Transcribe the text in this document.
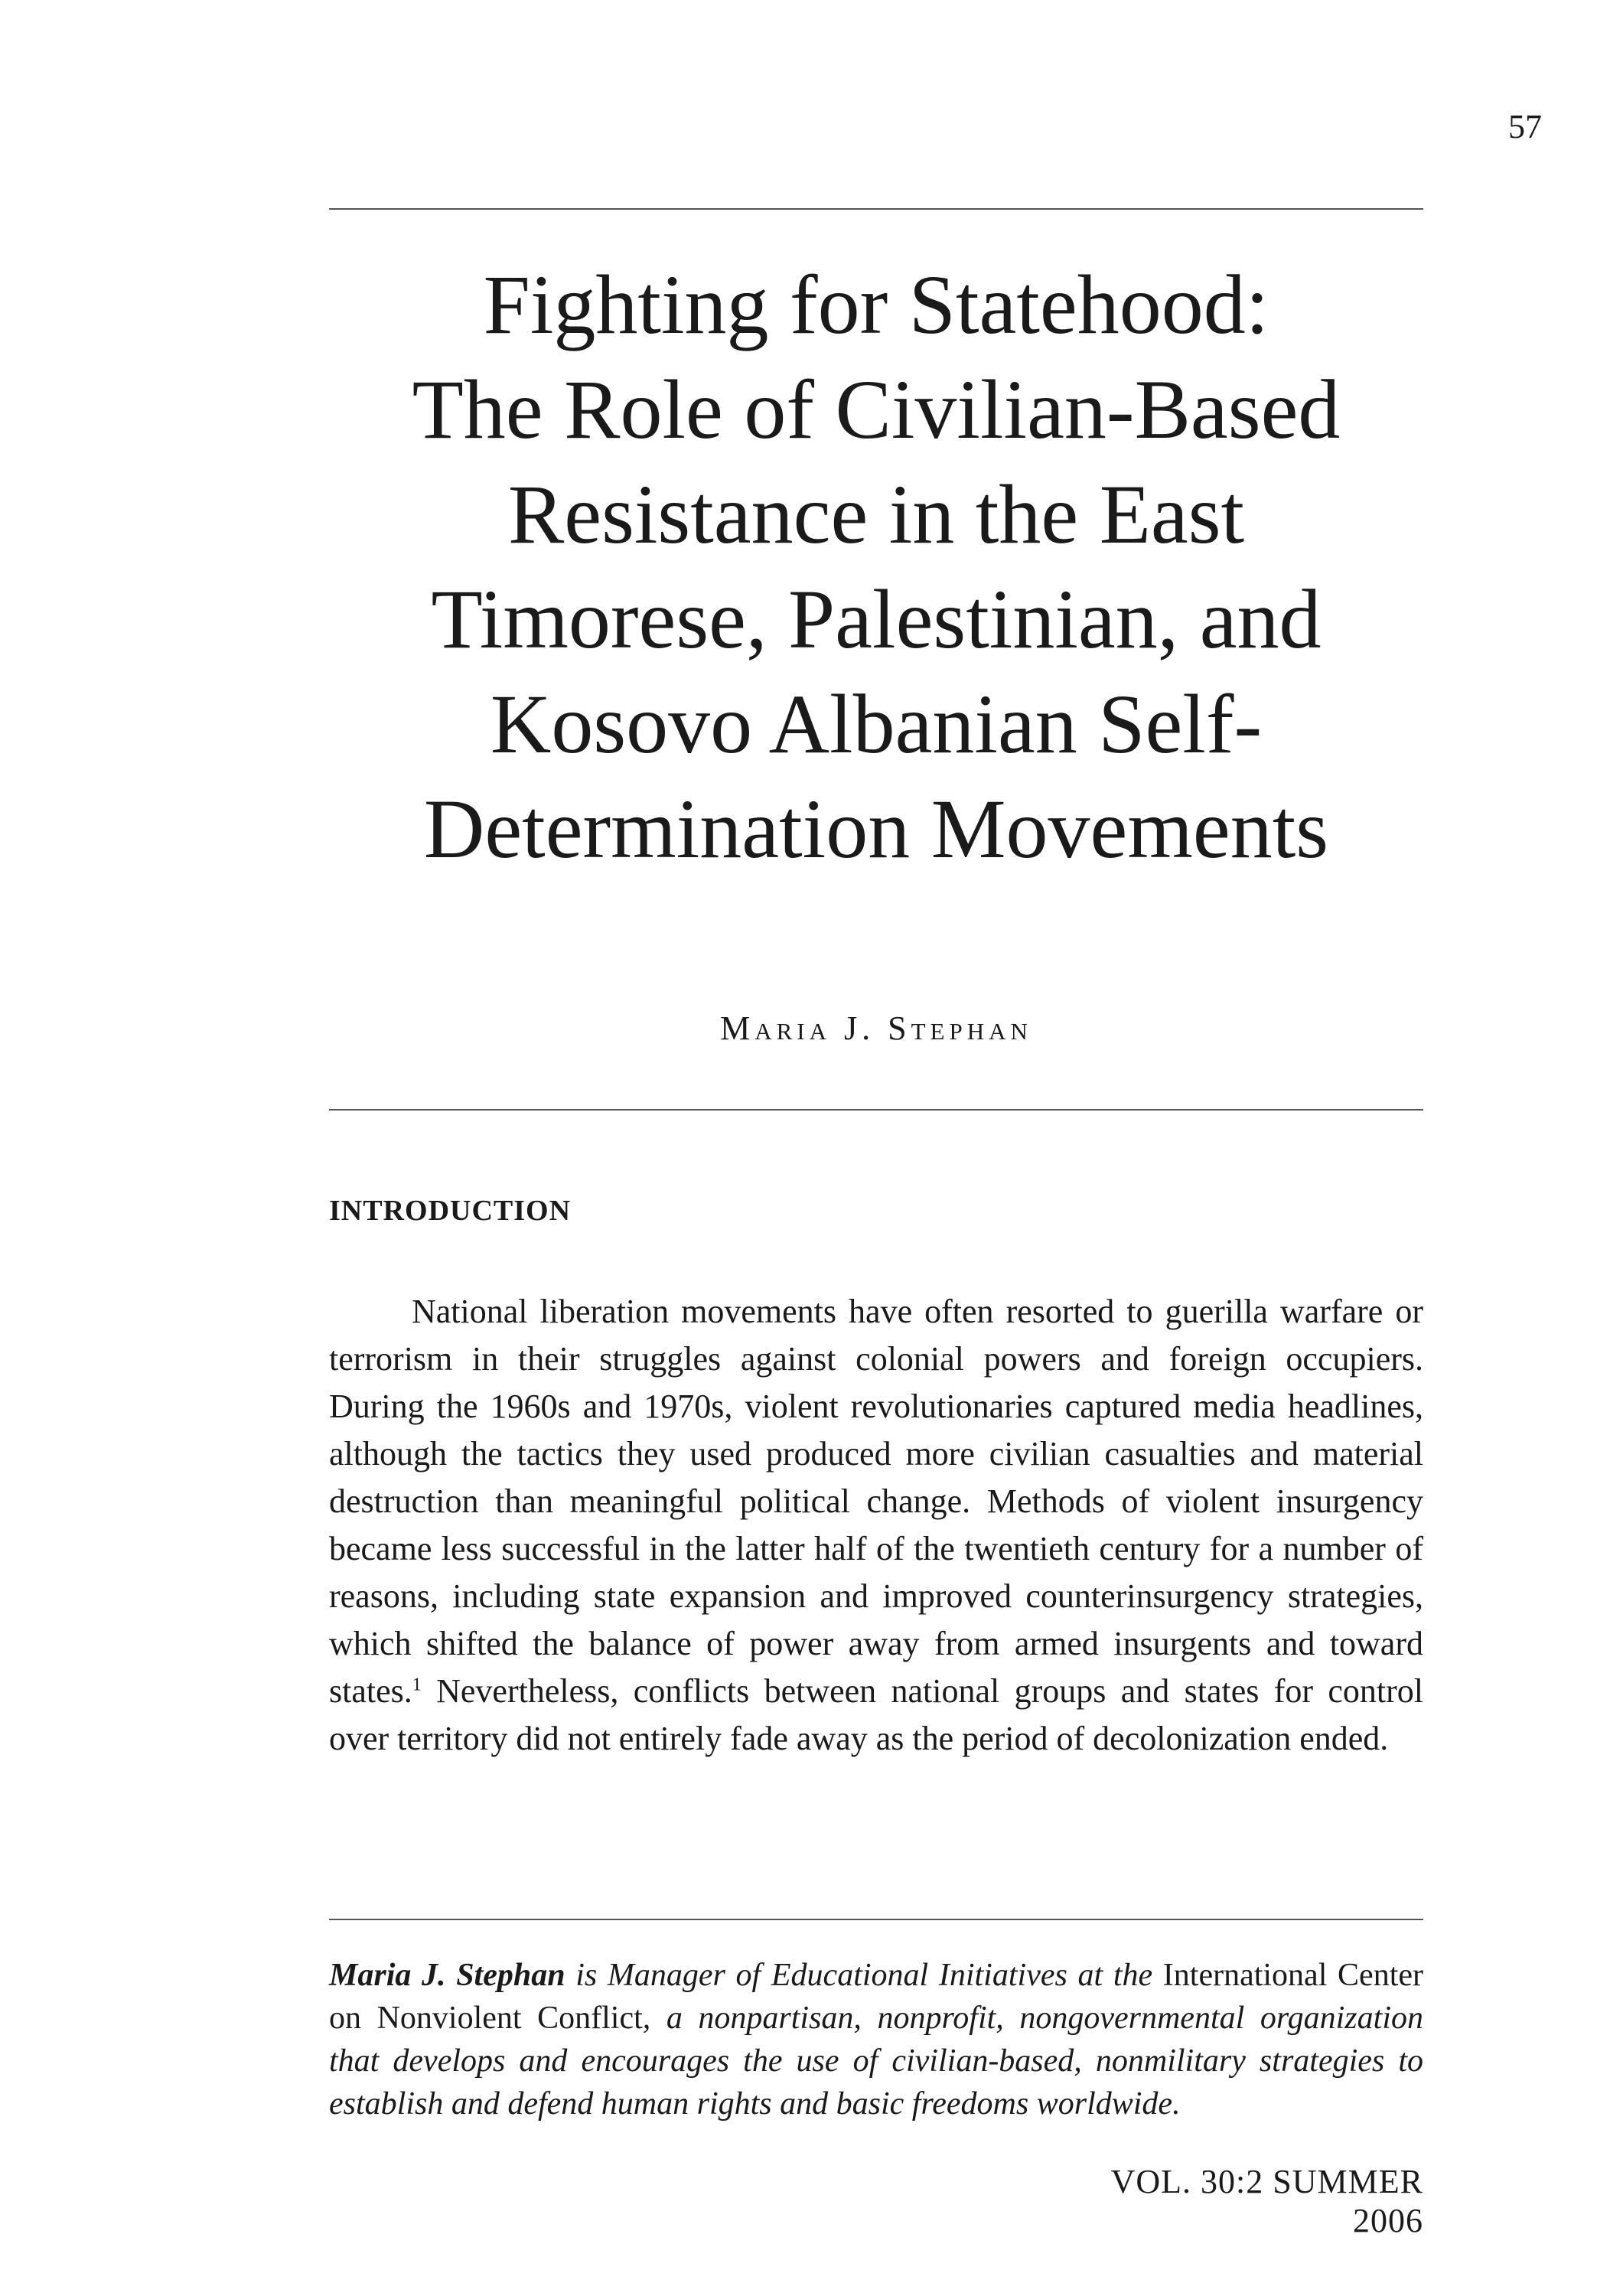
57
Fighting for Statehood:
The Role of Civilian-Based
Resistance in the East
Timorese, Palestinian, and
Kosovo Albanian Self-
Determination Movements
Maria J. Stephan
INTRODUCTION

National liberation movements have often resorted to guerilla warfare or terrorism in their struggles against colonial powers and foreign occupiers. During the 1960s and 1970s, violent revolutionaries captured media headlines, although the tactics they used produced more civilian casualties and material destruction than meaningful political change. Methods of violent insurgency became less successful in the latter half of the twentieth century for a number of reasons, including state expansion and improved counterinsurgency strategies, which shifted the balance of power away from armed insurgents and toward states.$^1$ Nevertheless, conflicts between national groups and states for control over territory did not entirely fade away as the period of decolonization ended.

Maria J. Stephan is Manager of Educational Initiatives at the International Center on Nonviolent Conflict, a nonpartisan, nonprofit, nongovernmental organization that develops and encourages the use of civilian-based, nonmilitary strategies to establish and defend human rights and basic freedoms worldwide.

VOL. 30:2 SUMMER 2006
